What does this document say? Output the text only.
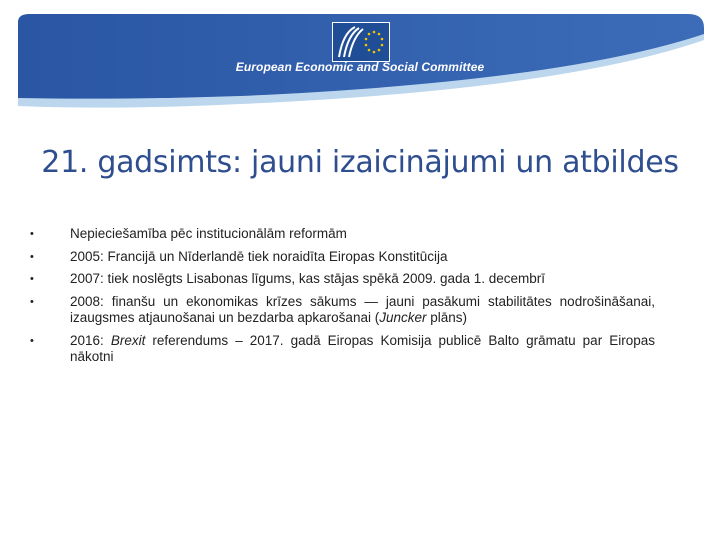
European Economic and Social Committee
21. gadsimts: jauni izaicinājumi un atbildes
•	Nepieciešamība pēc institucionālām reformām
•	2005: Francijā un Nīderlandē tiek noraidīta Eiropas Konstitūcija
•	2007: tiek noslēgts Lisabonas līgums, kas stājas spēkā 2009. gada 1. decembrī
•	2008: finanšu un ekonomikas krīzes sākums — jauni pasākumi stabilitātes nodrošināšanai, izaugsmes atjaunošanai un bezdarba apkarošanai (Juncker plāns)
•	2016: Brexit referendums – 2017. gadā Eiropas Komisija publicē Balto grāmatu par Eiropas nākotni
